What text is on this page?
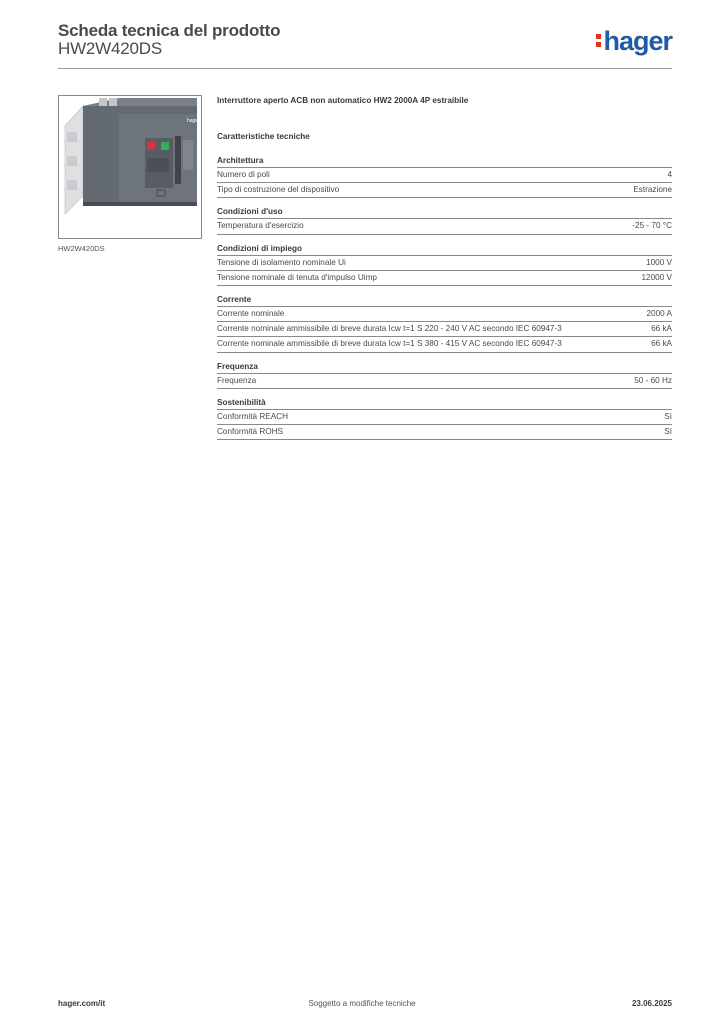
Scheda tecnica del prodotto
HW2W420DS	hager
hager
HW2W420DS
Interruttore aperto ACB non automatico HW2 2000A 4P estraibile
Caratteristiche tecniche
Architettura
Numero di poli	4
Tipo di costruzione del dispositivo	Estrazione
Condizioni d'uso
Temperatura d'esercizio	-25 - 70 °C
Condizioni di impiego
Tensione di isolamento nominale Ui	1000 V
Tensione nominale di tenuta d'impulso Uimp	12000 V
Corrente
Corrente nominale	2000 A
Corrente nominale ammissibile di breve durata Icw t=1 S 220 - 240 V AC secondo IEC 60947-3	66 kA
Corrente nominale ammissibile di breve durata Icw t=1 S 380 - 415 V AC secondo IEC 60947-3	66 kA
Frequenza
Frequenza	50 - 60 Hz
Sostenibilità
Conformità REACH	Sì
Conformità ROHS	Sì
hager.com/it	Soggetto a modifiche tecniche	23.06.2025
